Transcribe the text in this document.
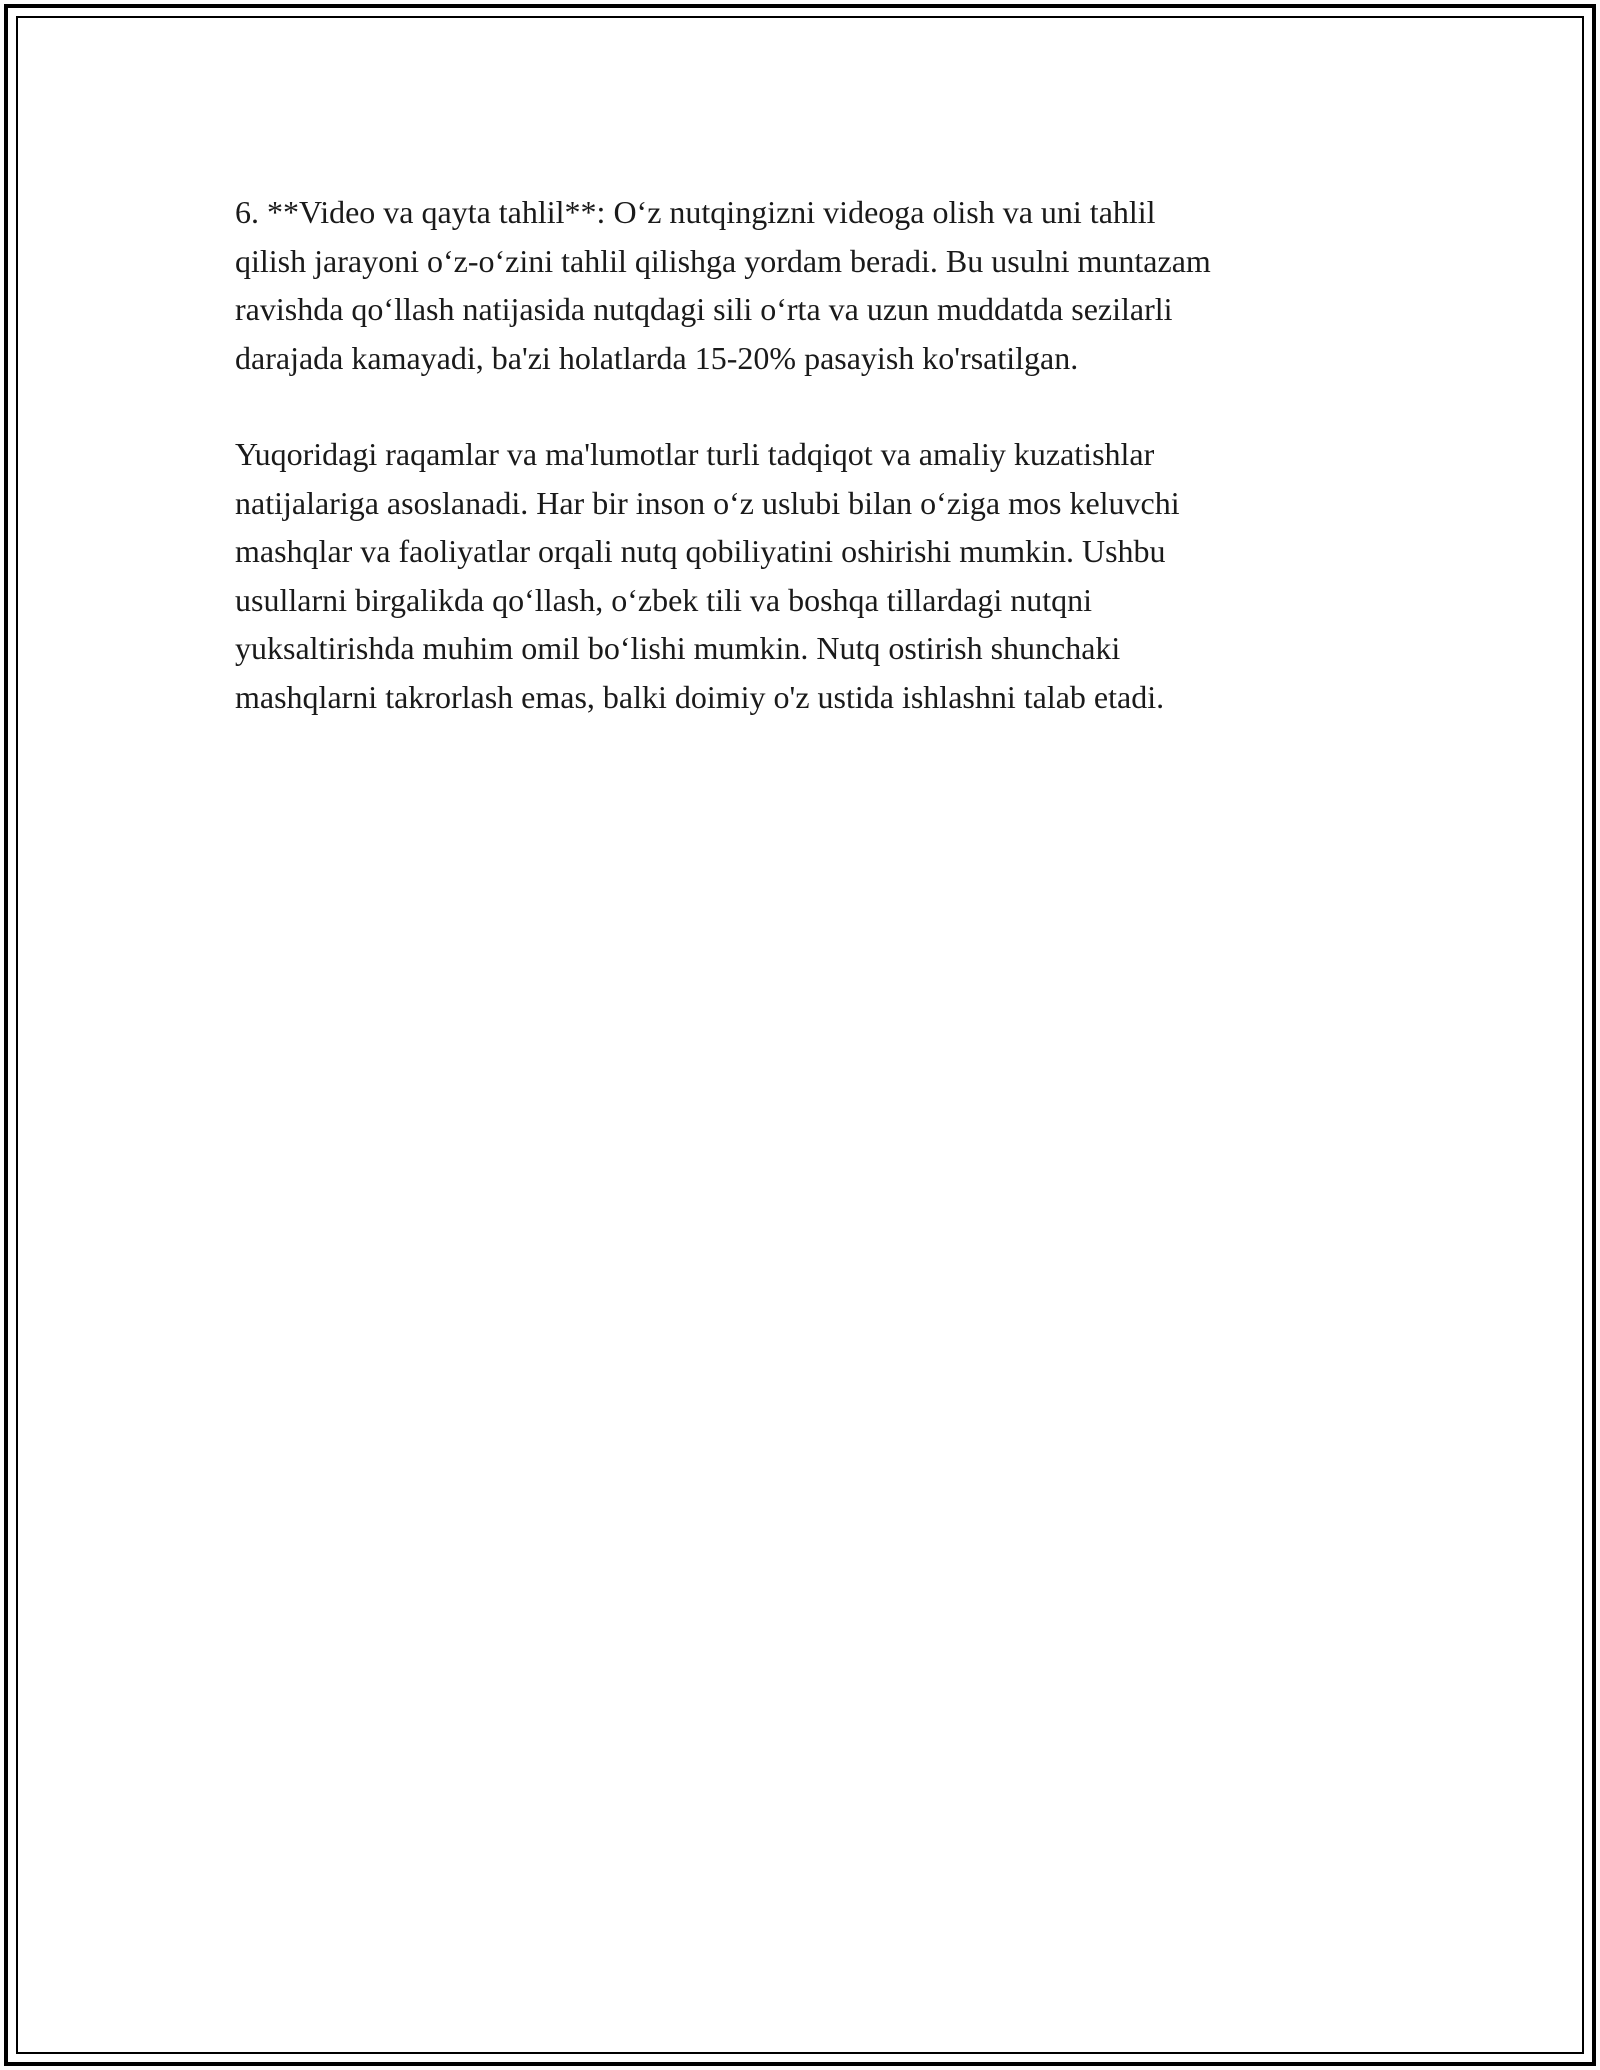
6. **Video va qayta tahlil**: O‘z nutqingizni videoga olish va uni tahlil
qilish jarayoni o‘z-o‘zini tahlil qilishga yordam beradi. Bu usulni muntazam
ravishda qo‘llash natijasida nutqdagi sili o‘rta va uzun muddatda sezilarli
darajada kamayadi, ba'zi holatlarda 15-20% pasayish ko'rsatilgan.

Yuqoridagi raqamlar va ma'lumotlar turli tadqiqot va amaliy kuzatishlar
natijalariga asoslanadi. Har bir inson o‘z uslubi bilan o‘ziga mos keluvchi
mashqlar va faoliyatlar orqali nutq qobiliyatini oshirishi mumkin. Ushbu
usullarni birgalikda qo‘llash, o‘zbek tili va boshqa tillardagi nutqni
yuksaltirishda muhim omil bo‘lishi mumkin. Nutq ostirish shunchaki
mashqlarni takrorlash emas, balki doimiy o'z ustida ishlashni talab etadi.
